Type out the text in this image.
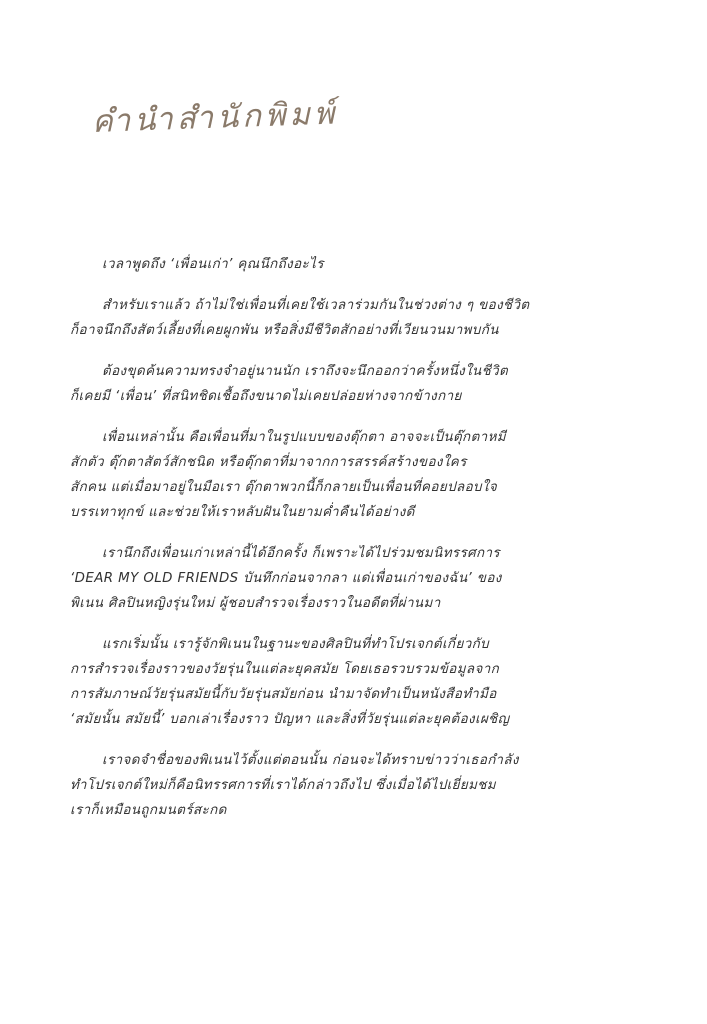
คำนำสำนักพิมพ์

เวลาพูดถึง ‘เพื่อนเก่า’ คุณนึกถึงอะไร

สำหรับเราแล้ว ถ้าไม่ใช่เพื่อนที่เคยใช้เวลาร่วมกันในช่วงต่าง ๆ ของชีวิต
ก็อาจนึกถึงสัตว์เลี้ยงที่เคยผูกพัน หรือสิ่งมีชีวิตสักอย่างที่เวียนวนมาพบกัน

ต้องขุดค้นความทรงจำอยู่นานนัก เราถึงจะนึกออกว่าครั้งหนึ่งในชีวิต
ก็เคยมี ‘เพื่อน’ ที่สนิทชิดเชื้อถึงขนาดไม่เคยปล่อยห่างจากข้างกาย

เพื่อนเหล่านั้น คือเพื่อนที่มาในรูปแบบของตุ๊กตา อาจจะเป็นตุ๊กตาหมี
สักตัว ตุ๊กตาสัตว์สักชนิด หรือตุ๊กตาที่มาจากการสรรค์สร้างของใคร
สักคน แต่เมื่อมาอยู่ในมือเรา ตุ๊กตาพวกนี้ก็กลายเป็นเพื่อนที่คอยปลอบใจ
บรรเทาทุกข์ และช่วยให้เราหลับฝันในยามค่ำคืนได้อย่างดี

เรานึกถึงเพื่อนเก่าเหล่านี้ได้อีกครั้ง ก็เพราะได้ไปร่วมชมนิทรรศการ
‘DEAR MY OLD FRIENDS บันทึกก่อนจากลา แด่เพื่อนเก่าของฉัน’ ของ
พิเนน ศิลปินหญิงรุ่นใหม่ ผู้ชอบสำรวจเรื่องราวในอดีตที่ผ่านมา

แรกเริ่มนั้น เรารู้จักพิเนนในฐานะของศิลปินที่ทำโปรเจกต์เกี่ยวกับ
การสำรวจเรื่องราวของวัยรุ่นในแต่ละยุคสมัย โดยเธอรวบรวมข้อมูลจาก
การสัมภาษณ์วัยรุ่นสมัยนี้กับวัยรุ่นสมัยก่อน นำมาจัดทำเป็นหนังสือทำมือ
‘สมัยนั้น สมัยนี้’ บอกเล่าเรื่องราว ปัญหา และสิ่งที่วัยรุ่นแต่ละยุคต้องเผชิญ

เราจดจำชื่อของพิเนนไว้ตั้งแต่ตอนนั้น ก่อนจะได้ทราบข่าวว่าเธอกำลัง
ทำโปรเจกต์ใหม่ก็คือนิทรรศการที่เราได้กล่าวถึงไป ซึ่งเมื่อได้ไปเยี่ยมชม
เราก็เหมือนถูกมนตร์สะกด
